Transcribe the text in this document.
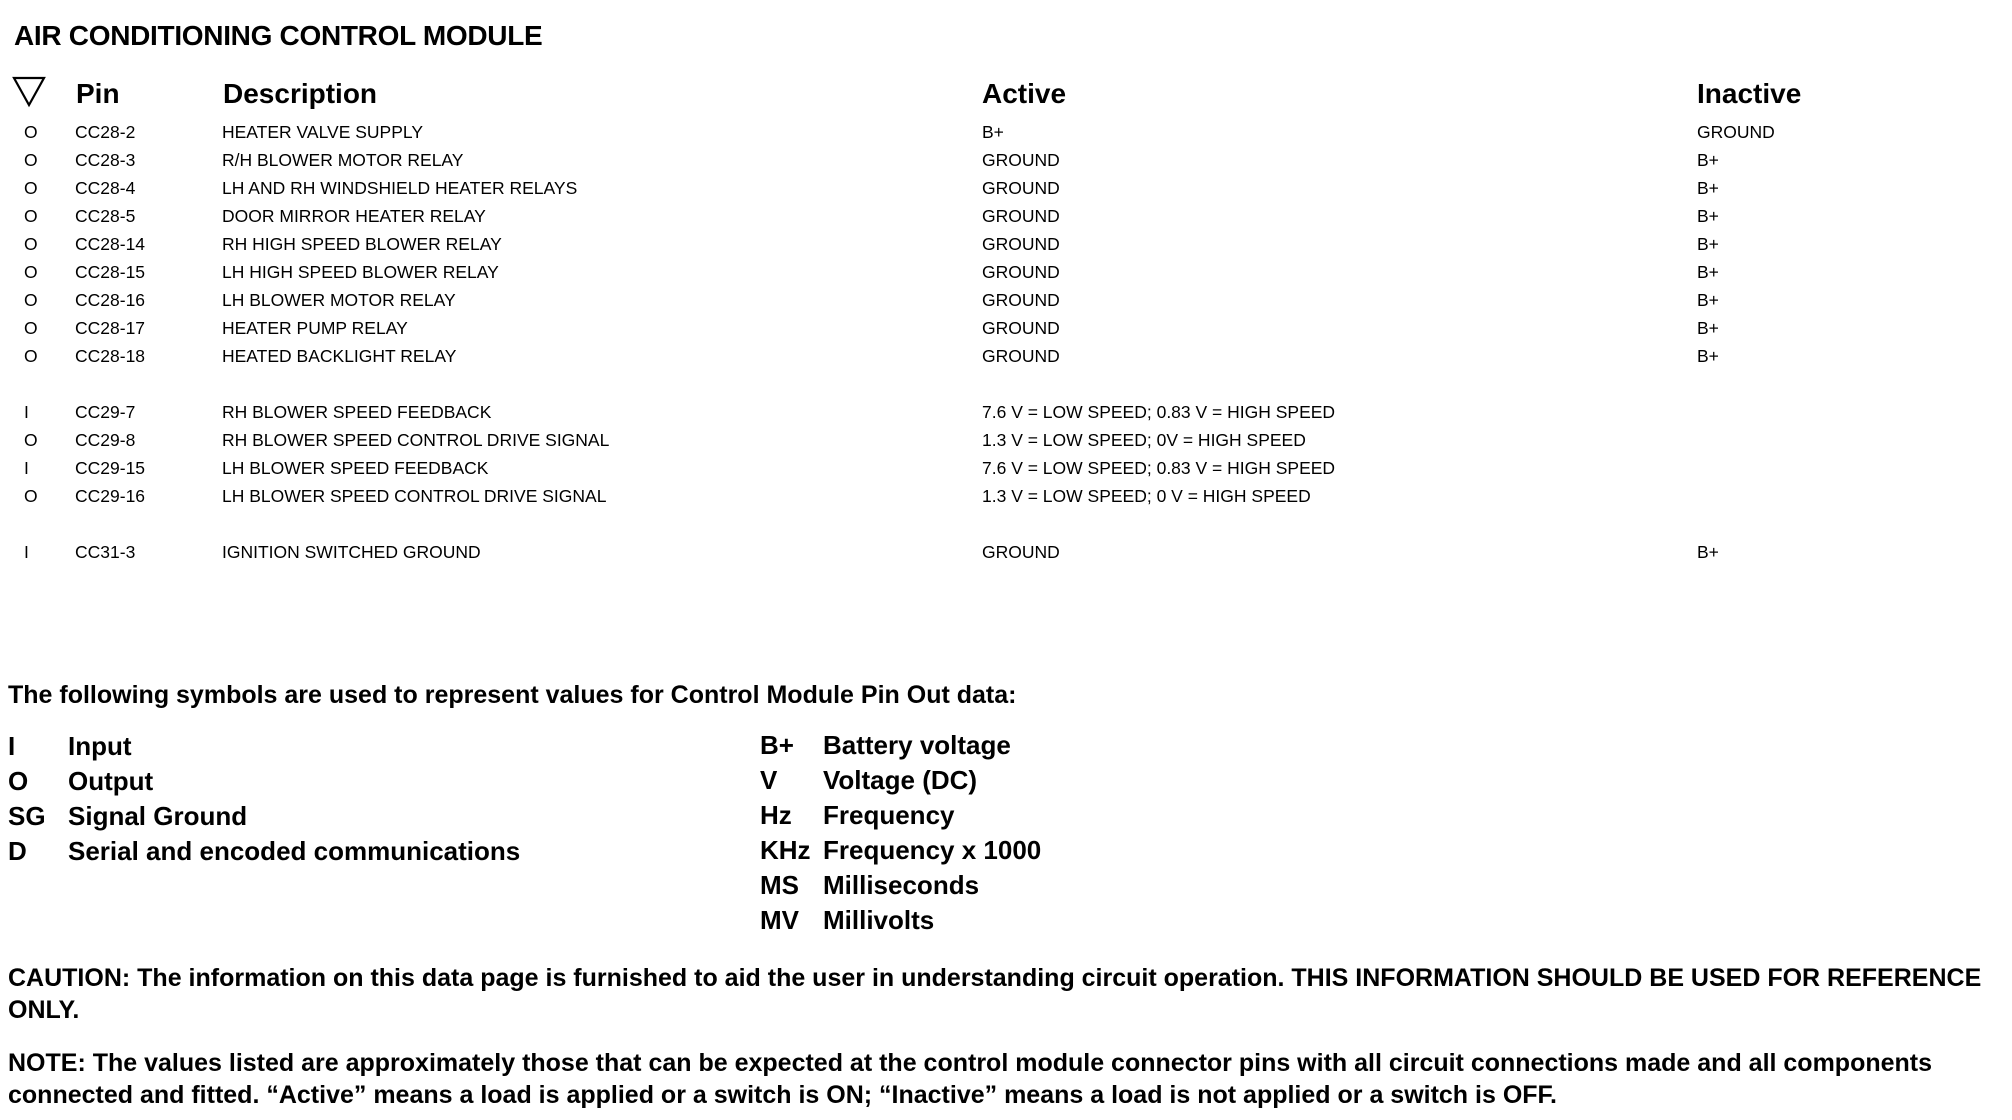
AIR CONDITIONING CONTROL MODULE
Pin	Description	Active	Inactive
O CC28-2	HEATER VALVE SUPPLY	B+	GROUND
O CC28-3	R/H BLOWER MOTOR RELAY	GROUND	B+
O CC28-4	LH AND RH WINDSHIELD HEATER RELAYS	GROUND	B+
O CC28-5	DOOR MIRROR HEATER RELAY	GROUND	B+
O CC28-14	RH HIGH SPEED BLOWER RELAY	GROUND	B+
O CC28-15	LH HIGH SPEED BLOWER RELAY	GROUND	B+
O CC28-16	LH BLOWER MOTOR RELAY	GROUND	B+
O CC28-17	HEATER PUMP RELAY	GROUND	B+
O CC28-18	HEATED BACKLIGHT RELAY	GROUND	B+
I	CC29-7	RH BLOWER SPEED FEEDBACK	7.6 V = LOW SPEED; 0.83 V = HIGH SPEED
O CC29-8	RH BLOWER SPEED CONTROL DRIVE SIGNAL	1.3 V = LOW SPEED; 0V = HIGH SPEED
I	CC29-15	LH BLOWER SPEED FEEDBACK	7.6 V = LOW SPEED; 0.83 V = HIGH SPEED
O CC29-16	LH BLOWER SPEED CONTROL DRIVE SIGNAL	1.3 V = LOW SPEED; 0 V = HIGH SPEED
I	CC31-3	IGNITION SWITCHED GROUND	GROUND	B+
The following symbols are used to represent values for Control Module Pin Out data:
I Input
O Output
SG Signal Ground
D Serial and encoded communications
B+ Battery voltage
V Voltage (DC)
Hz Frequency
KHz Frequency x 1000
MS Milliseconds
MV Millivolts
CAUTION: The information on this data page is furnished to aid the user in understanding circuit operation. THIS INFORMATION SHOULD BE USED FOR REFERENCE ONLY.
NOTE: The values listed are approximately those that can be expected at the control module connector pins with all circuit connections made and all components connected and fitted. “Active” means a load is applied or a switch is ON; “Inactive” means a load is not applied or a switch is OFF.
